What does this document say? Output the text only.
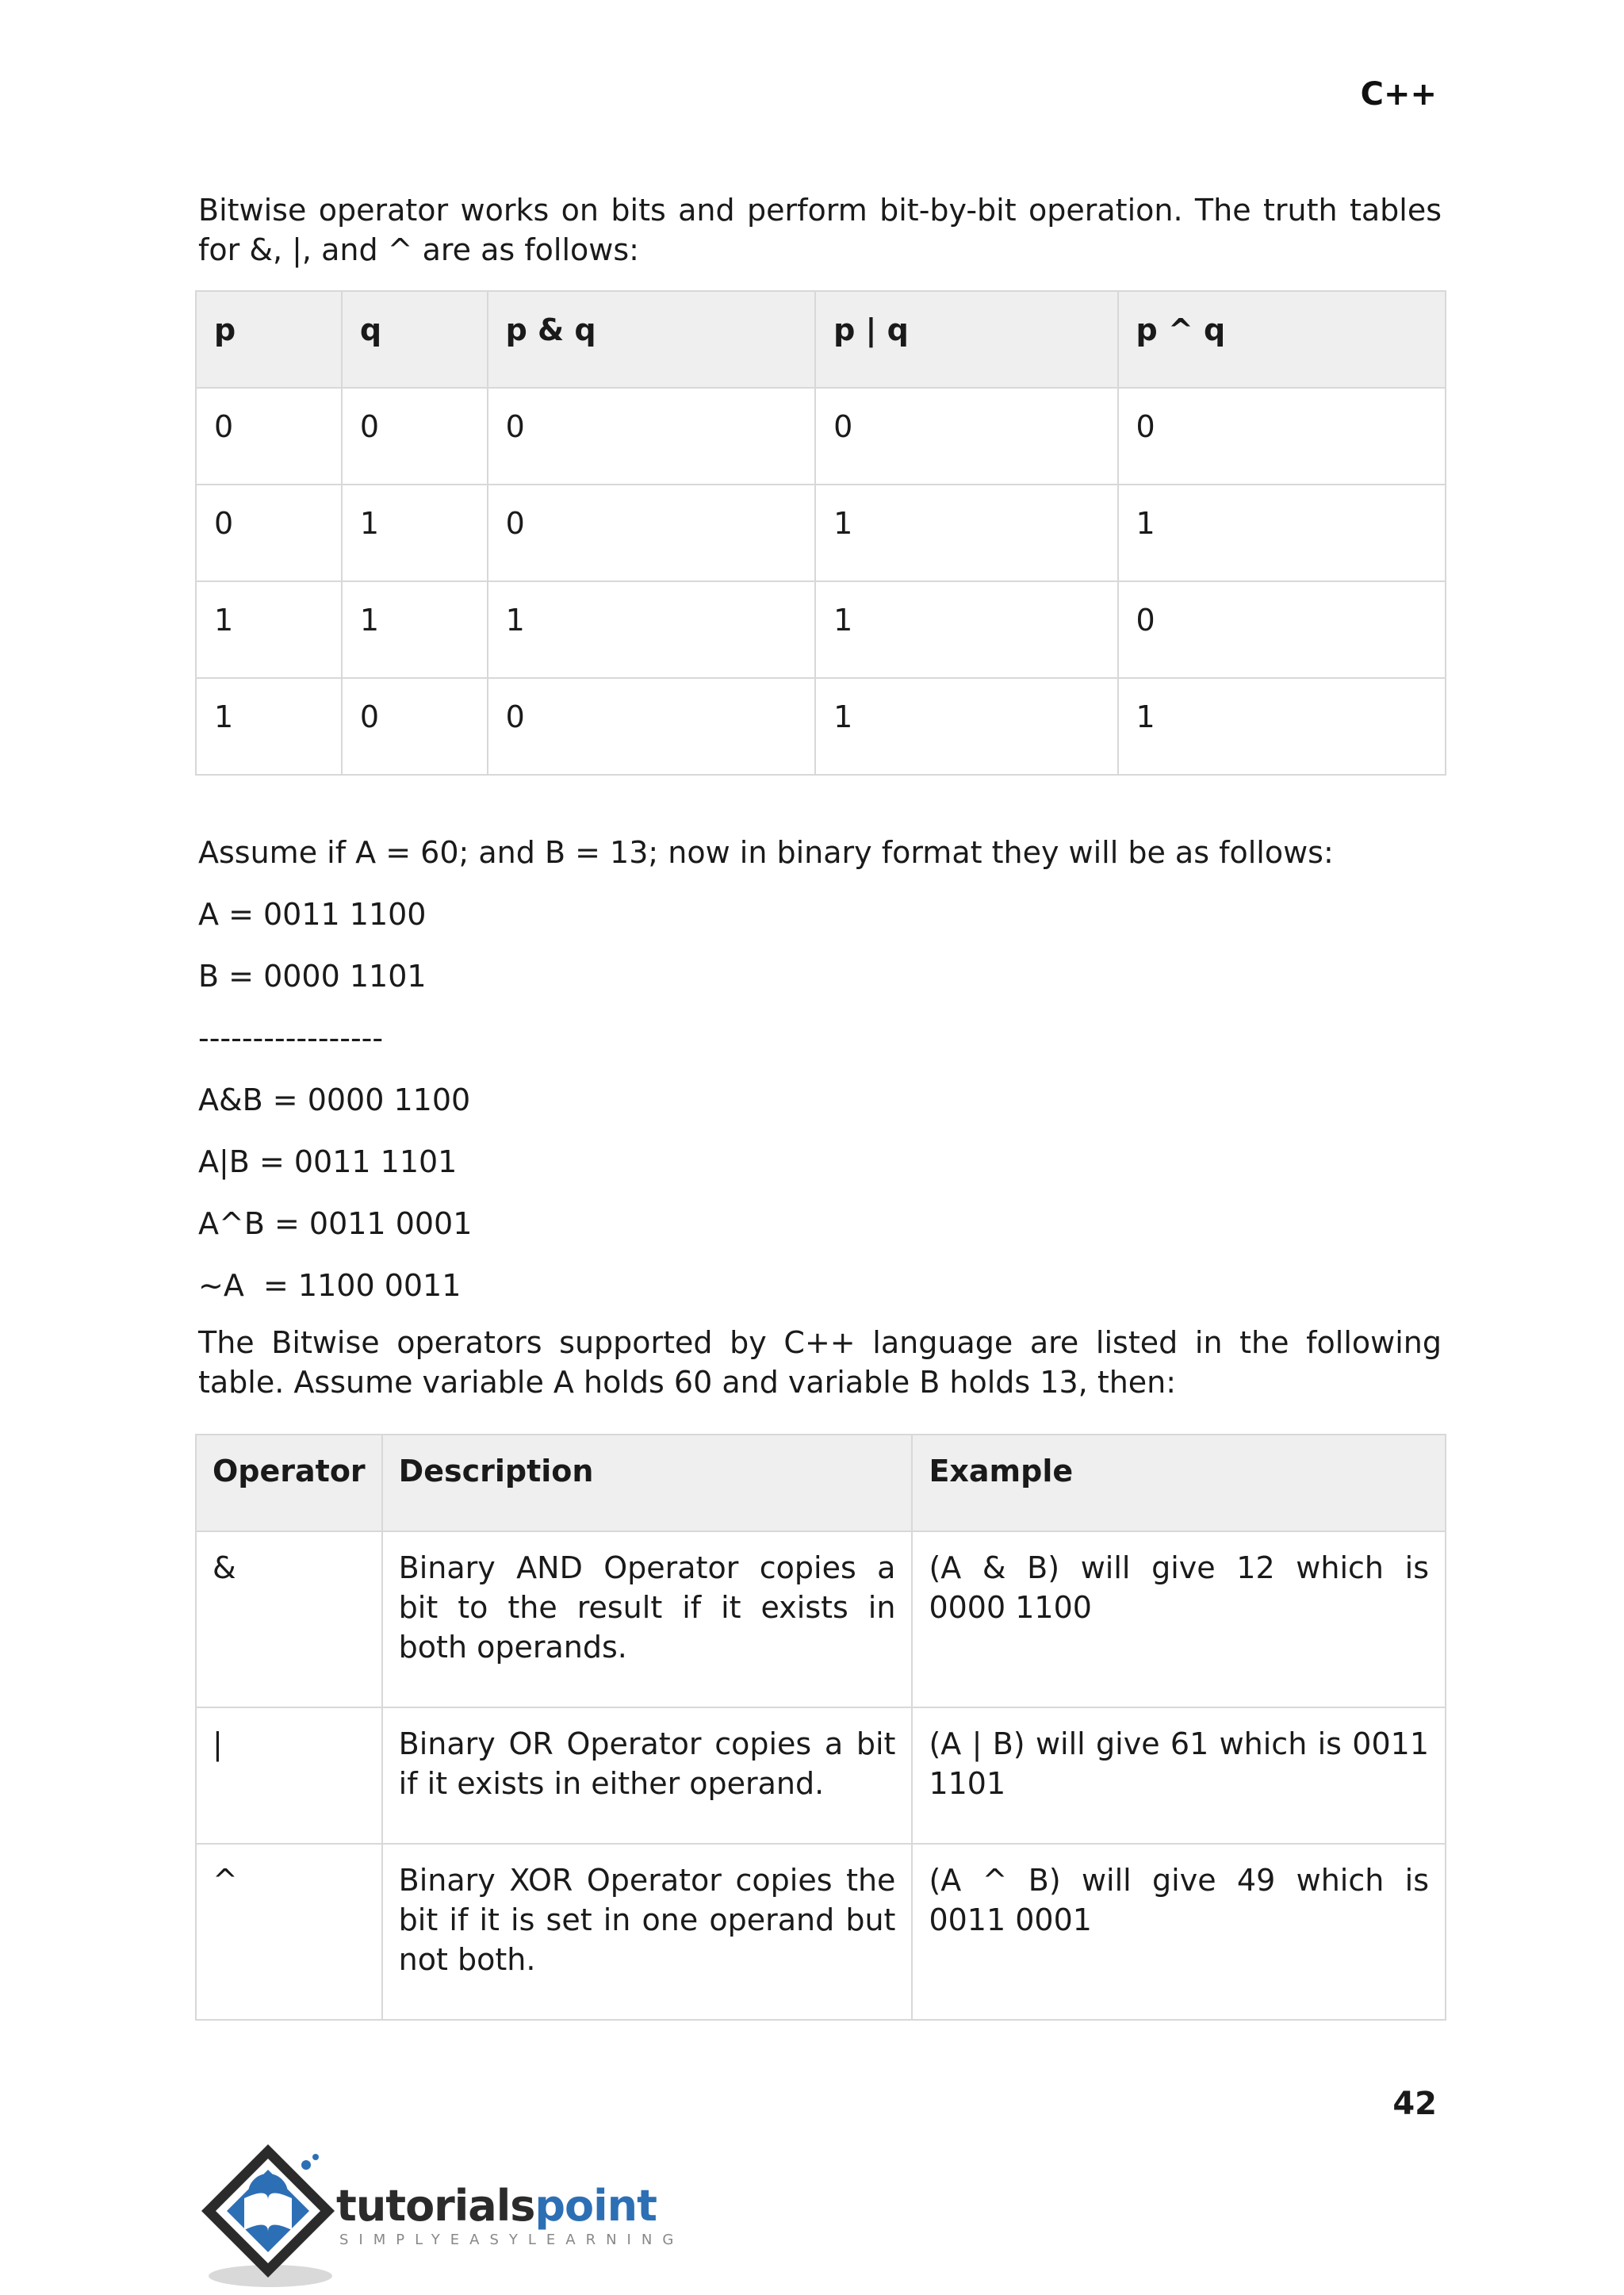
C++

Bitwise operator works on bits and perform bit-by-bit operation. The truth tables for &, |, and ^ are as follows:

p	q	p & q	p | q	p ^ q
0	0	0	0	0
0	1	0	1	1
1	1	1	1	0
1	0	0	1	1

Assume if A = 60; and B = 13; now in binary format they will be as follows:

A = 0011 1100

B = 0000 1101

-----------------

A&B = 0000 1100

A|B = 0011 1101

A^B = 0011 0001

~A  = 1100 0011

The Bitwise operators supported by C++ language are listed in the following table. Assume variable A holds 60 and variable B holds 13, then:

Operator	Description	Example
&	Binary AND Operator copies a bit to the result if it exists in both operands.	(A & B) will give 12 which is 0000 1100
|	Binary OR Operator copies a bit if it exists in either operand.	(A | B) will give 61 which is 0011 1101
^	Binary XOR Operator copies the bit if it is set in one operand but not both.	(A ^ B) will give 49 which is 0011 0001
42
tutorialspoint
SIMPLYEASYLEARNING
